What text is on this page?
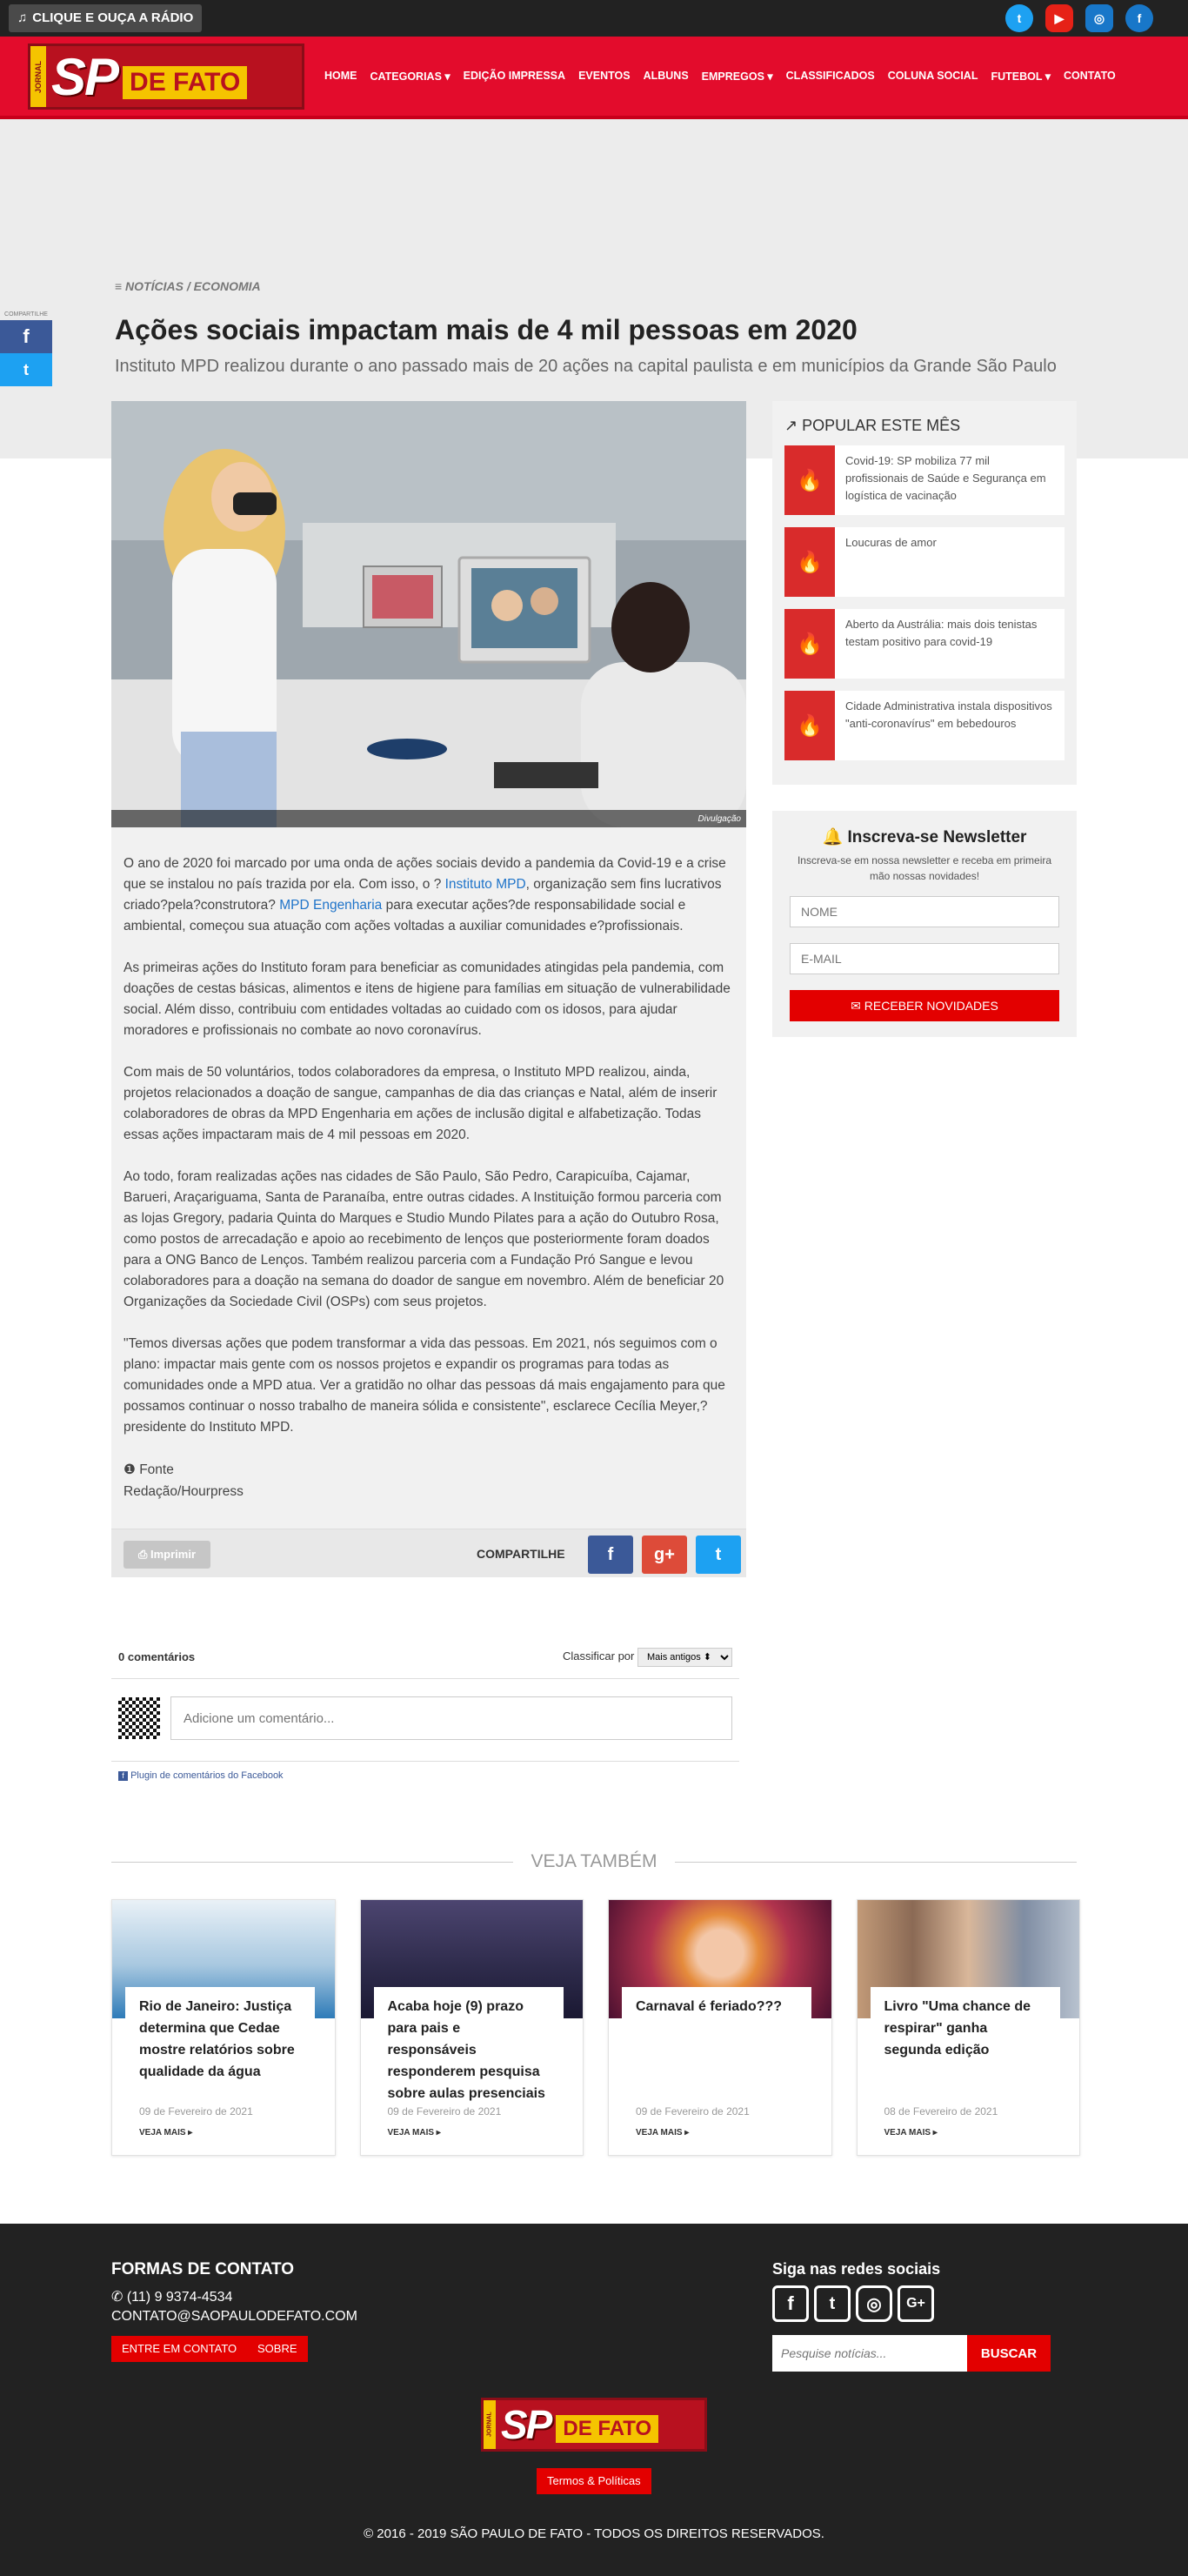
♫ CLIQUE E OUÇA A RÁDIO	t	▶	◎	f
JORNAL SP DE FATO	HOME CATEGORIAS ▾ EDIÇÃO IMPRESSA EVENTOS ALBUNS EMPREGOS ▾ CLASSIFICADOS COLUNA SOCIAL FUTEBOL ▾ CONTATO
≡ NOTÍCIAS / ECONOMIA
Ações sociais impactam mais de 4 mil pessoas em 2020
Instituto MPD realizou durante o ano passado mais de 20 ações na capital paulista e em municípios da Grande São Paulo
COMPARTILHE
f
t
Divulgação

O ano de 2020 foi marcado por uma onda de ações sociais devido a pandemia da Covid-19 e a crise que se instalou no país trazida por ela. Com isso, o ? Instituto MPD, organização sem fins lucrativos criado?pela?construtora? MPD Engenharia para executar ações?de responsabilidade social e ambiental, começou sua atuação com ações voltadas a auxiliar comunidades e?profissionais.

As primeiras ações do Instituto foram para beneficiar as comunidades atingidas pela pandemia, com doações de cestas básicas, alimentos e itens de higiene para famílias em situação de vulnerabilidade social. Além disso, contribuiu com entidades voltadas ao cuidado com os idosos, para ajudar moradores e profissionais no combate ao novo coronavírus.

Com mais de 50 voluntários, todos colaboradores da empresa, o Instituto MPD realizou, ainda, projetos relacionados a doação de sangue, campanhas de dia das crianças e Natal, além de inserir colaboradores de obras da MPD Engenharia em ações de inclusão digital e alfabetização. Todas essas ações impactaram mais de 4 mil pessoas em 2020.

Ao todo, foram realizadas ações nas cidades de São Paulo, São Pedro, Carapicuíba, Cajamar, Barueri, Araçariguama, Santa de Paranaíba, entre outras cidades. A Instituição formou parceria com as lojas Gregory, padaria Quinta do Marques e Studio Mundo Pilates para a ação do Outubro Rosa, como postos de arrecadação e apoio ao recebimento de lenços que posteriormente foram doados para a ONG Banco de Lenços. Também realizou parceria com a Fundação Pró Sangue e levou colaboradores para a doação na semana do doador de sangue em novembro. Além de beneficiar 20 Organizações da Sociedade Civil (OSPs) com seus projetos.

"Temos diversas ações que podem transformar a vida das pessoas. Em 2021, nós seguimos com o plano: impactar mais gente com os nossos projetos e expandir os programas para todas as comunidades onde a MPD atua. Ver a gratidão no olhar das pessoas dá mais engajamento para que possamos continuar o nosso trabalho de maneira sólida e consistente", esclarece Cecília Meyer,?presidente do Instituto MPD.

❶ Fonte
Redação/Hourpress
⎙ Imprimir	COMPARTILHE	f	g+	t
0 comentários	Classificar por
Mais antigos ⬍
Adicione um comentário...
f Plugin de comentários do Facebook
↗ POPULAR ESTE MÊS
🔥
Covid-19: SP mobiliza 77 mil profissionais de Saúde e Segurança em logística de vacinação
🔥
Loucuras de amor
🔥
Aberto da Austrália: mais dois tenistas testam positivo para covid-19
🔥
Cidade Administrativa instala dispositivos "anti-coronavírus" em bebedouros
🔔 Inscreva-se Newsletter

Inscreva-se em nossa newsletter e receba em primeira mão nossas novidades!

NOME E-MAIL ✉ RECEBER NOVIDADES
VEJA TAMBÉM
Rio de Janeiro: Justiça determina que Cedae mostre relatórios sobre qualidade da água
09 de Fevereiro de 2021
VEJA MAIS ▸
Acaba hoje (9) prazo para pais e responsáveis responderem pesquisa sobre aulas presenciais
09 de Fevereiro de 2021
VEJA MAIS ▸
Carnaval é feriado???
09 de Fevereiro de 2021
VEJA MAIS ▸
Livro "Uma chance de respirar" ganha segunda edição
08 de Fevereiro de 2021
VEJA MAIS ▸
FORMAS DE CONTATO
✆ (11) 9 9374-4534
CONTATO@SAOPAULODEFATO.COM
ENTRE EM CONTATO	SOBRE
Siga nas redes sociais
f	t	◎	G+
Pesquise notícias...
BUSCAR
JORNAL SP DE FATO
Termos & Políticas
© 2016 - 2019 SÃO PAULO DE FATO - TODOS OS DIREITOS RESERVADOS.
